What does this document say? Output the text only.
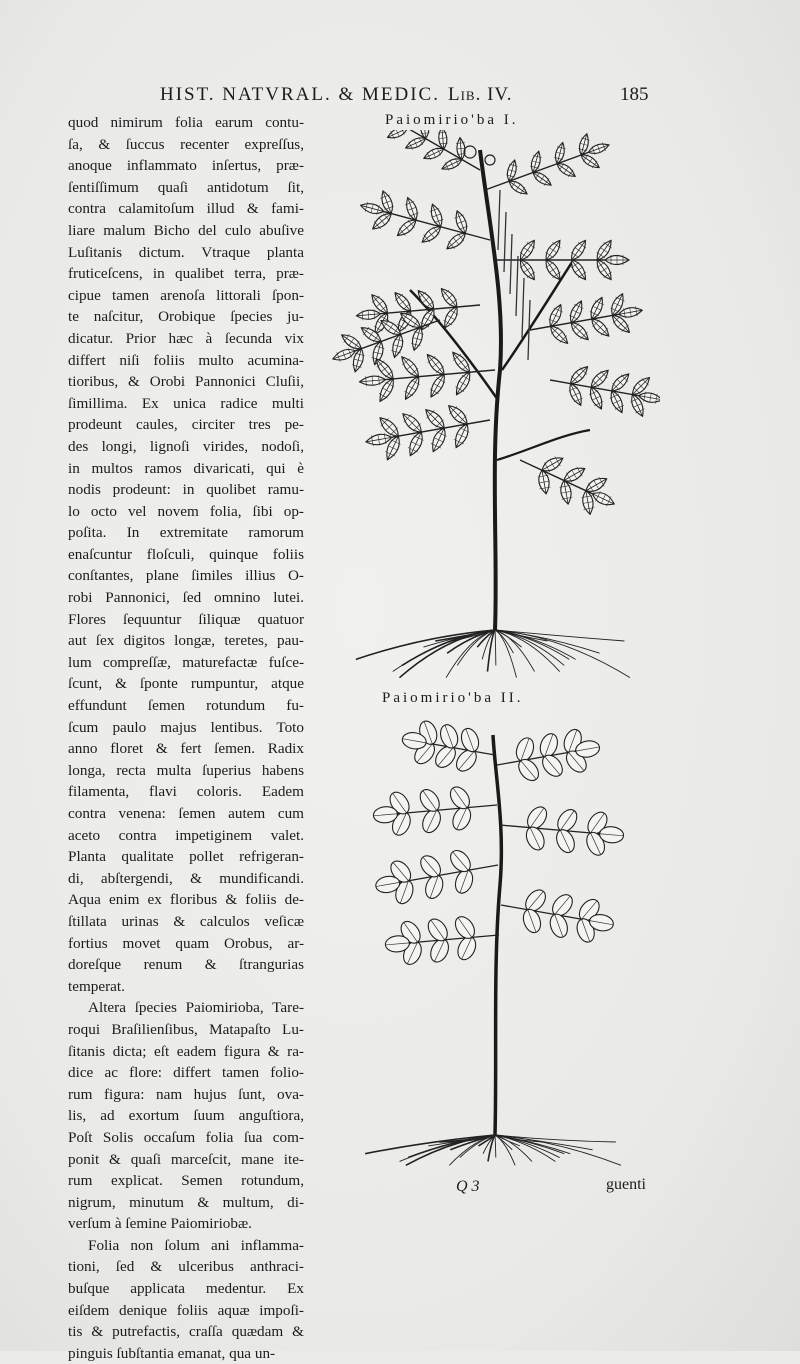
HIST. NATVRAL. & MEDIC. Lib. IV.	185
quod nimirum folia earum contu-
ſa, & ſuccus recenter expreſſus,
anoque inflammato inſertus, præ-
ſentiſſimum quaſi antidotum ſit,
contra calamitoſum illud & fami-
liare malum Bicho del culo abuſive
Luſitanis dictum. Vtraque planta
fruticeſcens, in qualibet terra, præ-
cipue tamen arenoſa littorali ſpon-
te naſcitur, Orobique ſpecies ju-
dicatur. Prior hæc à ſecunda vix
differt niſi foliis multo acumina-
tioribus, & Orobi Pannonici Cluſii,
ſimillima. Ex unica radice multi
prodeunt caules, circiter tres pe-
des longi, lignoſi virides, nodoſi,
in multos ramos divaricati, qui è
nodis prodeunt: in quolibet ramu-
lo octo vel novem folia, ſibi op-
poſita. In extremitate ramorum
enaſcuntur floſculi, quinque foliis
conſtantes, plane ſimiles illius O-
robi Pannonici, ſed omnino lutei.
Flores ſequuntur ſiliquæ quatuor
aut ſex digitos longæ, teretes, pau-
lum compreſſæ, maturefactæ fuſce-
ſcunt, & ſponte rumpuntur, atque
effundunt ſemen rotundum fu-
ſcum paulo majus lentibus. Toto
anno floret & fert ſemen. Radix
longa, recta multa ſuperius habens
filamenta, flavi coloris. Eadem
contra venena: ſemen autem cum
aceto contra impetiginem valet.
Planta qualitate pollet refrigeran-
di, abſtergendi, & mundificandi.
Aqua enim ex floribus & foliis de-
ſtillata urinas & calculos veſicæ
fortius movet quam Orobus, ar-
doreſque renum & ſtrangurias
temperat.
Altera ſpecies Paiomirioba, Tare-
roqui Braſilienſibus, Matapaſto Lu-
ſitanis dicta; eſt eadem figura & ra-
dice ac flore: differt tamen folio-
rum figura: nam hujus ſunt, ova-
lis, ad exortum ſuum anguſtiora,
Poſt Solis occaſum folia ſua com-
ponit & quaſi marceſcit, mane ite-
rum explicat. Semen rotundum,
nigrum, minutum & multum, di-
verſum à ſemine Paiomiriobæ.
Folia non ſolum ani inflamma-
tioni, ſed & ulceribus anthraci-
buſque applicata medentur. Ex
eiſdem denique foliis aquæ impoſi-
tis & putrefactis, craſſa quædam &
pinguis ſubſtantia emanat, qua un-
Paiomirio'ba I.
Paiomirio'ba II.
Q 3	guenti
